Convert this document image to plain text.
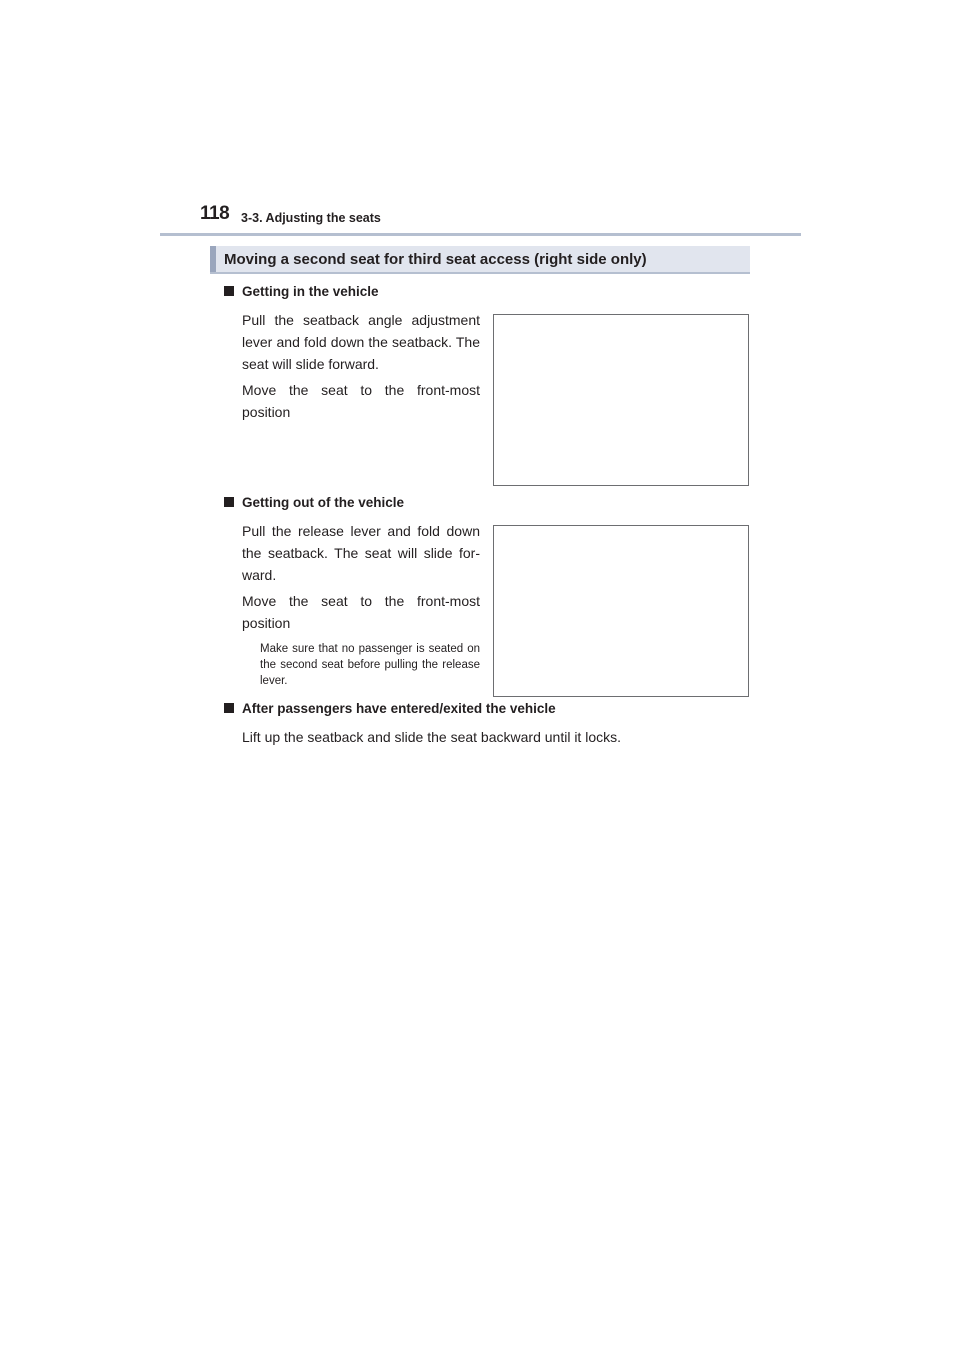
118 3-3. Adjusting the seats
Moving a second seat for third seat access (right side only)
Getting in the vehicle
Pull the seatback angle adjustment lever and fold down the seatback. The seat will slide forward.
Move the seat to the front-most position
Getting out of the vehicle
Pull the release lever and fold down the seatback. The seat will slide for-ward.
Move the seat to the front-most position
Make sure that no passenger is seated on the second seat before pulling the release lever.
After passengers have entered/exited the vehicle
Lift up the seatback and slide the seat backward until it locks.
